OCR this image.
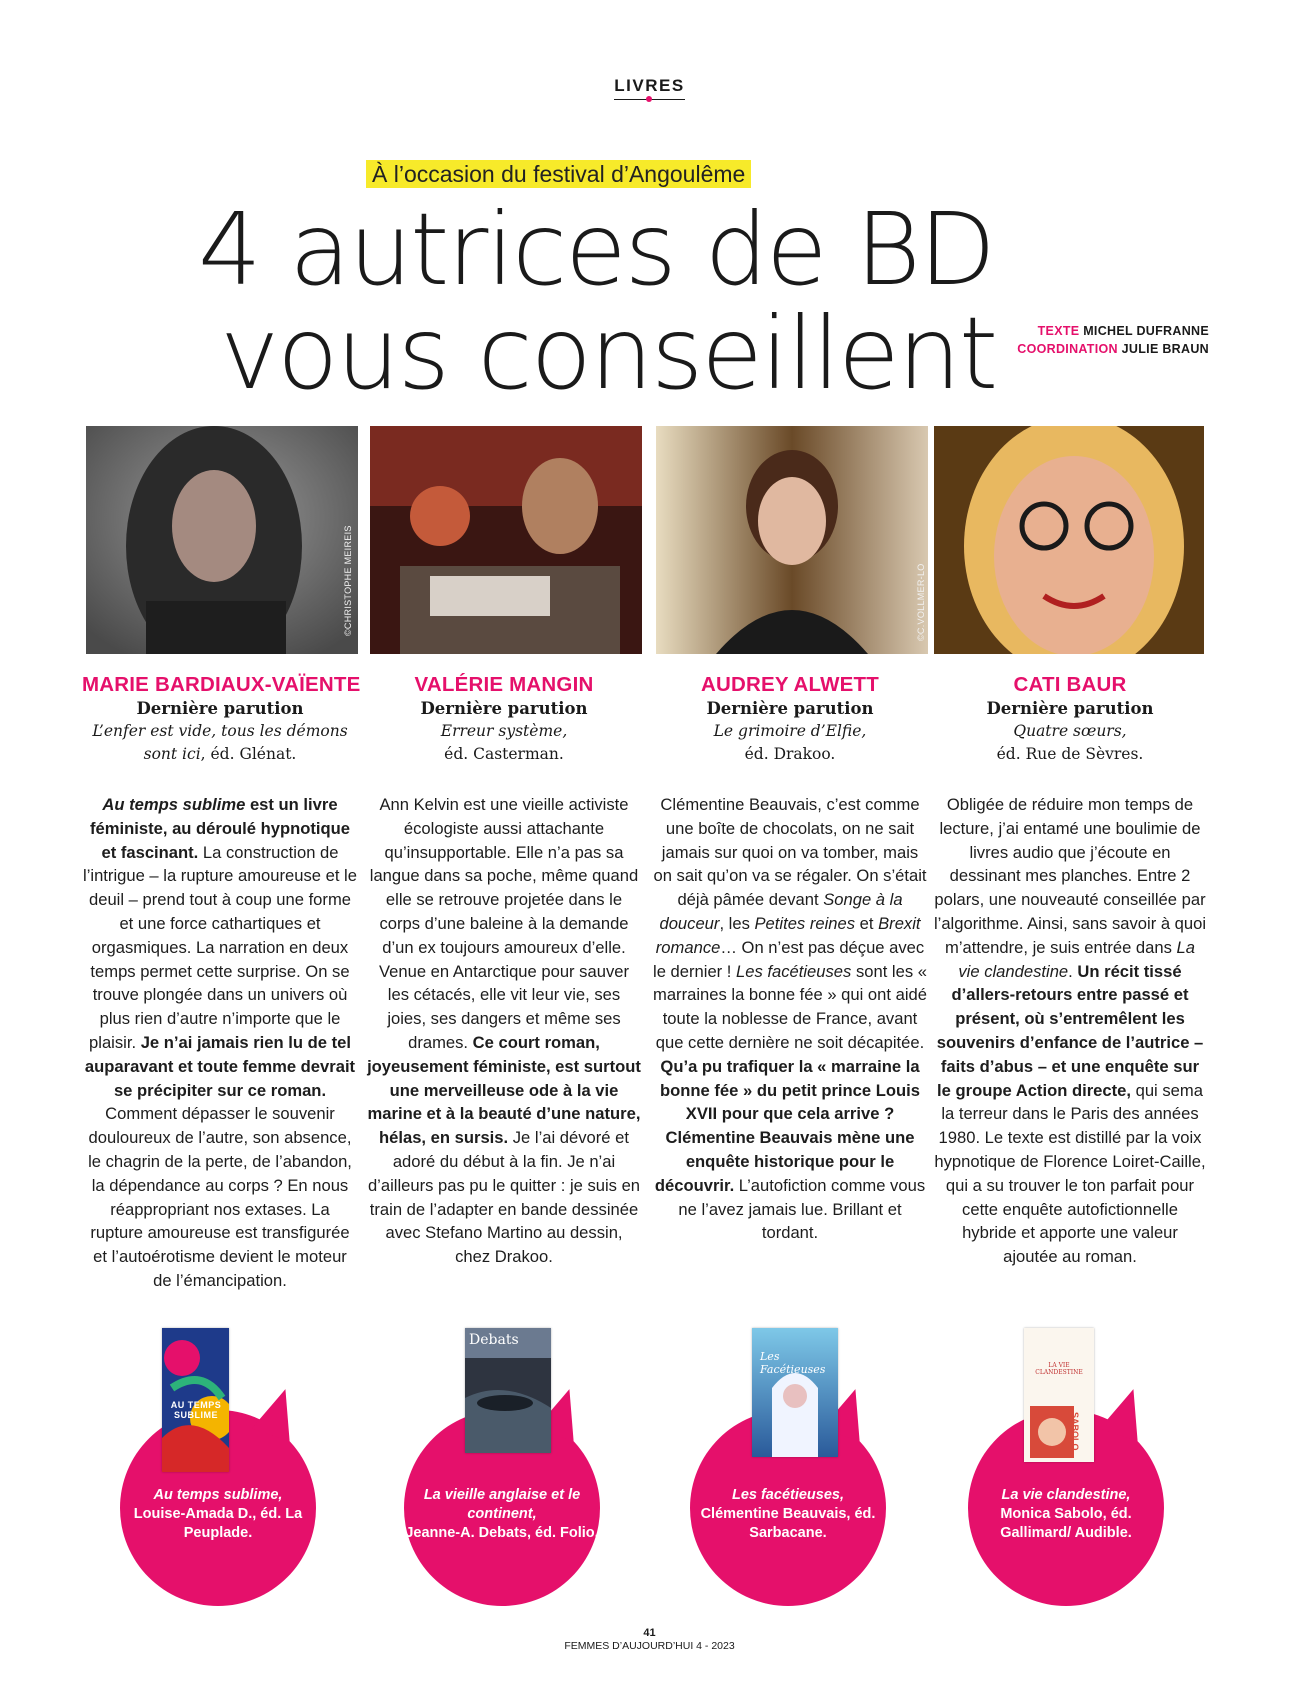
LIVRES
À l’occasion du festival d’Angoulême
4 autrices de BD
vous conseillent	TEXTE MICHEL DUFRANNE
COORDINATION JULIE BRAUN
©CHRISTOPHE MEIREIS	©C.VOLLMER-LO
MARIE BARDIAUX-VAÏENTE
Dernière parution
L’enfer est vide, tous les démons
sont ici, éd. Glénat.
Au temps sublime est un livre féministe, au déroulé hypnotique et fascinant. La construction de l’intrigue – la rupture amoureuse et le deuil – prend tout à coup une forme et une force cathartiques et orgasmiques. La narration en deux temps permet cette surprise. On se trouve plongée dans un univers où plus rien d’autre n’importe que le plaisir. Je n’ai jamais rien lu de tel auparavant et toute femme devrait se précipiter sur ce roman. Comment dépasser le souvenir douloureux de l’autre, son absence, le chagrin de la perte, de l’abandon, la dépendance au corps ? En nous réappropriant nos extases. La rupture amoureuse est transfigurée et l’autoérotisme devient le moteur de l’émancipation.
VALÉRIE MANGIN
Dernière parution
Erreur système,
éd. Casterman.
Ann Kelvin est une vieille activiste écologiste aussi attachante qu’insupportable. Elle n’a pas sa langue dans sa poche, même quand elle se retrouve projetée dans le corps d’une baleine à la demande d’un ex toujours amoureux d’elle. Venue en Antarctique pour sauver les cétacés, elle vit leur vie, ses joies, ses dangers et même ses drames. Ce court roman, joyeusement féministe, est surtout une merveilleuse ode à la vie marine et à la beauté d’une nature, hélas, en sursis. Je l’ai dévoré et adoré du début à la fin. Je n’ai d’ailleurs pas pu le quitter : je suis en train de l’adapter en bande dessinée avec Stefano Martino au dessin, chez Drakoo.
AUDREY ALWETT
Dernière parution
Le grimoire d’Elfie,
éd. Drakoo.
Clémentine Beauvais, c’est comme une boîte de chocolats, on ne sait jamais sur quoi on va tomber, mais on sait qu’on va se régaler. On s’était déjà pâmée devant Songe à la douceur, les Petites reines et Brexit romance… On n’est pas déçue avec le dernier ! Les facétieuses sont les « marraines la bonne fée » qui ont aidé toute la noblesse de France, avant que cette dernière ne soit décapitée. Qu’a pu trafiquer la « marraine la bonne fée » du petit prince Louis XVII pour que cela arrive ? Clémentine Beauvais mène une enquête historique pour le découvrir. L’autofiction comme vous ne l’avez jamais lue. Brillant et tordant.
CATI BAUR
Dernière parution
Quatre sœurs,
éd. Rue de Sèvres.
Obligée de réduire mon temps de lecture, j’ai entamé une boulimie de livres audio que j’écoute en dessinant mes planches. Entre 2 polars, une nouveauté conseillée par l’algorithme. Ainsi, sans savoir à quoi m’attendre, je suis entrée dans La vie clandestine. Un récit tissé d’allers-retours entre passé et présent, où s’entremêlent les souvenirs d’enfance de l’autrice – faits d’abus – et une enquête sur le groupe Action directe, qui sema la terreur dans le Paris des années 1980. Le texte est distillé par la voix hypnotique de Florence Loiret-Caille, qui a su trouver le ton parfait pour cette enquête autofictionnelle hybride et apporte une valeur ajoutée au roman.
Au temps sublime,
Louise-Amada D., éd. La Peuplade.
La vieille anglaise et le continent,
Jeanne-A. Debats, éd. Folio.
Les facétieuses,
Clémentine Beauvais, éd. Sarbacane.
La vie clandestine,
Monica Sabolo, éd. Gallimard/ Audible.
Debats
Les Facétieuses	LA VIE CLANDESTINE
SABOLO
AU TEMPS SUBLIME
41
FEMMES D’AUJOURD’HUI 4 - 2023
